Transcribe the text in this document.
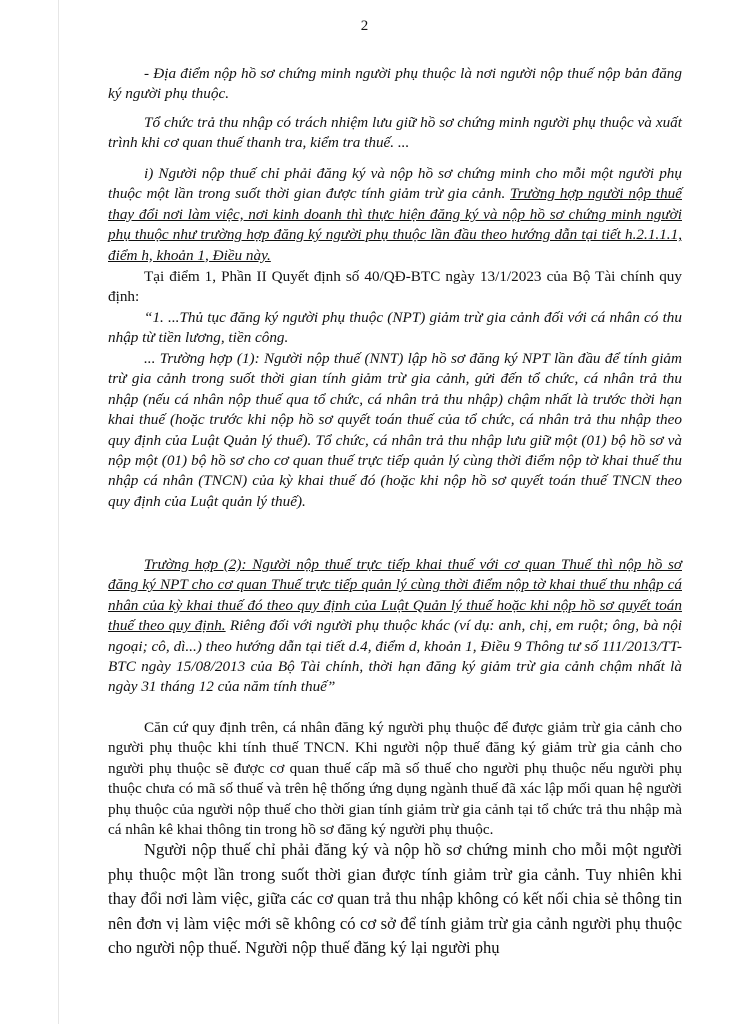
2

- Địa điểm nộp hồ sơ chứng minh người phụ thuộc là nơi người nộp thuế nộp bản đăng ký người phụ thuộc.

Tổ chức trả thu nhập có trách nhiệm lưu giữ hồ sơ chứng minh người phụ thuộc và xuất trình khi cơ quan thuế thanh tra, kiểm tra thuế. ...

i) Người nộp thuế chỉ phải đăng ký và nộp hồ sơ chứng minh cho mỗi một người phụ thuộc một lần trong suốt thời gian được tính giảm trừ gia cảnh. Trường hợp người nộp thuế thay đổi nơi làm việc, nơi kinh doanh thì thực hiện đăng ký và nộp hồ sơ chứng minh người phụ thuộc như trường hợp đăng ký người phụ thuộc lần đầu theo hướng dẫn tại tiết h.2.1.1.1, điểm h, khoản 1, Điều này.

Tại điểm 1, Phần II Quyết định số 40/QĐ-BTC ngày 13/1/2023 của Bộ Tài chính quy định:

“1. ...Thủ tục đăng ký người phụ thuộc (NPT) giảm trừ gia cảnh đối với cá nhân có thu nhập từ tiền lương, tiền công.

... Trường hợp (1): Người nộp thuế (NNT) lập hồ sơ đăng ký NPT lần đầu để tính giảm trừ gia cảnh trong suốt thời gian tính giảm trừ gia cảnh, gửi đến tổ chức, cá nhân trả thu nhập (nếu cá nhân nộp thuế qua tổ chức, cá nhân trả thu nhập) chậm nhất là trước thời hạn khai thuế (hoặc trước khi nộp hồ sơ quyết toán thuế của tổ chức, cá nhân trả thu nhập theo quy định của Luật Quản lý thuế). Tổ chức, cá nhân trả thu nhập lưu giữ một (01) bộ hồ sơ và nộp một (01) bộ hồ sơ cho cơ quan thuế trực tiếp quản lý cùng thời điểm nộp tờ khai thuế thu nhập cá nhân (TNCN) của kỳ khai thuế đó (hoặc khi nộp hồ sơ quyết toán thuế TNCN theo quy định của Luật quản lý thuế).

Trường hợp (2): Người nộp thuế trực tiếp khai thuế với cơ quan Thuế thì nộp hồ sơ đăng ký NPT cho cơ quan Thuế trực tiếp quản lý cùng thời điểm nộp tờ khai thuế thu nhập cá nhân của kỳ khai thuế đó theo quy định của Luật Quản lý thuế hoặc khi nộp hồ sơ quyết toán thuế theo quy định. Riêng đối với người phụ thuộc khác (ví dụ: anh, chị, em ruột; ông, bà nội ngoại; cô, dì...) theo hướng dẫn tại tiết d.4, điểm d, khoản 1, Điều 9 Thông tư số 111/2013/TT-BTC ngày 15/08/2013 của Bộ Tài chính, thời hạn đăng ký giảm trừ gia cảnh chậm nhất là ngày 31 tháng 12 của năm tính thuế”

Căn cứ quy định trên, cá nhân đăng ký người phụ thuộc để được giảm trừ gia cảnh cho người phụ thuộc khi tính thuế TNCN. Khi người nộp thuế đăng ký giảm trừ gia cảnh cho người phụ thuộc sẽ được cơ quan thuế cấp mã số thuế cho người phụ thuộc nếu người phụ thuộc chưa có mã số thuế và trên hệ thống ứng dụng ngành thuế đã xác lập mối quan hệ người phụ thuộc của người nộp thuế cho thời gian tính giảm trừ gia cảnh tại tổ chức trả thu nhập mà cá nhân kê khai thông tin trong hồ sơ đăng ký người phụ thuộc.

Người nộp thuế chỉ phải đăng ký và nộp hồ sơ chứng minh cho mỗi một người phụ thuộc một lần trong suốt thời gian được tính giảm trừ gia cảnh. Tuy nhiên khi thay đổi nơi làm việc, giữa các cơ quan trả thu nhập không có kết nối chia sẻ thông tin nên đơn vị làm việc mới sẽ không có cơ sở để tính giảm trừ gia cảnh người phụ thuộc cho người nộp thuế. Người nộp thuế đăng ký lại người phụ
